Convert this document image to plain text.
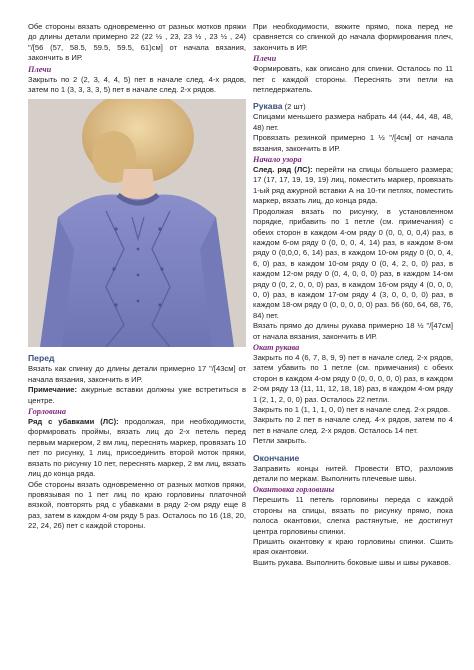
Обе стороны вязать одновременно от разных мотков пряжи до длины детали примерно 22 (22 ½ , 23, 23 ½ , 23 ½ , 24) "/[56 (57, 58.5, 59.5, 59.5, 61)см] от начала вязания, закончить в ИР.

Плечи

Закрыть по 2 (2, 3, 4, 4, 5) пет в начале след. 4-х рядов, затем по 1 (3, 3, 3, 3, 5) пет в начале след. 2-х рядов.

Перед

Вязать как спинку до длины детали примерно 17 "/[43см] от начала вязания, закончить в ИР.

Примечание: ажурные вставки должны уже встретиться в центре.

Горловина

Ряд с убавками (ЛС): продолжая, при необходимости, формировать проймы, вязать лиц до 2-х петель перед первым маркером, 2 вм лиц, переснять маркер, провязать 10 пет по рисунку, 1 лиц, присоединить второй моток пряжи, вязать по рисунку 10 пет, переснять маркер, 2 вм лиц, вязать лиц до конца ряда.

Обе стороны вязать одновременно от разных мотков пряжи, провязывая по 1 пет лиц по краю горловины платочной вязкой, повторять ряд с убавками в ряду 2-ом ряду еще 8 раз, затем в каждом 4-ом ряду 5 раз. Осталось по 16 (18, 20, 22, 24, 26) пет с каждой стороны.

При необходимости, вяжите прямо, пока перед не сравняется со спинкой до начала формирования плеч, закончить в ИР.

Плечи

Формировать, как описано для спинки. Осталось по 11 пет с каждой стороны. Переснять эти петли на петледержатель.

Рукава (2 шт)

Спицами меньшего размера набрать 44 (44, 44, 48, 48, 48) пет.

Провязать резинкой примерно 1 ½ "/[4см] от начала вязания, закончить в ИР.

Начало узора

След. ряд (ЛС): перейти на спицы большего размера; 17 (17, 17, 19, 19, 19) лиц, поместить маркер, провязать 1-ый ряд ажурной вставки А на 10-ти петлях, поместить маркер, вязать лиц, до конца ряда.

Продолжая вязать по рисунку, в установленном порядке, прибавить по 1 петле (см. примечания) с обеих сторон в каждом 4-ом ряду 0 (0, 0, 0, 0,4) раз, в каждом 6-ом ряду 0 (0, 0, 0, 4, 14) раз, в каждом 8-ом ряду 0 (0,0,0, 6, 14) раз, в каждом 10-ом ряду 0 (0, 0, 4, 6, 0) раз, в каждом 10-ом ряду 0 (0, 4, 2, 0, 0) раз, в каждом 12-ом ряду 0 (0, 4, 0, 0, 0) раз, в каждом 14-ом ряду 0 (0, 2, 0, 0, 0) раз, в каждом 16-ом ряду 4 (0, 0, 0, 0, 0) раз, в каждом 17-ом ряду 4 (3, 0, 0, 0, 0) раз, в каждом 18-ом ряду 0 (0, 0, 0, 0, 0) раз. 56 (60, 64, 68, 76, 84) пет.

Вязать прямо до длины рукава примерно 18 ½ "/[47см] от начала вязания, закончить в ИР.

Окат рукава

Закрыть по 4 (6, 7, 8, 9, 9) пет в начале след. 2-х рядов, затем убавить по 1 петле (см. примечания) с обеих сторон в каждом 4-ом ряду 0 (0, 0, 0, 0, 0) раз, в каждом 2-ом ряду 13 (11, 11, 12, 18, 18) раз, в каждом 4-ом ряду 1 (2, 1, 2, 0, 0) раз. Осталось 22 петли.

Закрыть по 1 (1, 1, 1, 0, 0) пет в начале след. 2-х рядов.

Закрыть по 2 пет в начале след. 4-х рядов, затем по 4 пет в начале след. 2-х рядов. Осталось 14 пет.

Петли закрыть.

Окончание

Заправить концы нитей. Провести ВТО, разложив детали по меркам. Выполнить плечевые швы.

Окантовка горловины

Перешить 11 петель горловины переда с каждой стороны на спицы, вязать по рисунку прямо, пока полоса окантовки, слегка растянутые, не достигнут центра горловины спинки.

Пришить окантовку к краю горловины спинки. Сшить края окантовки.

Вшить рукава. Выполнить боковые швы и швы рукавов.
